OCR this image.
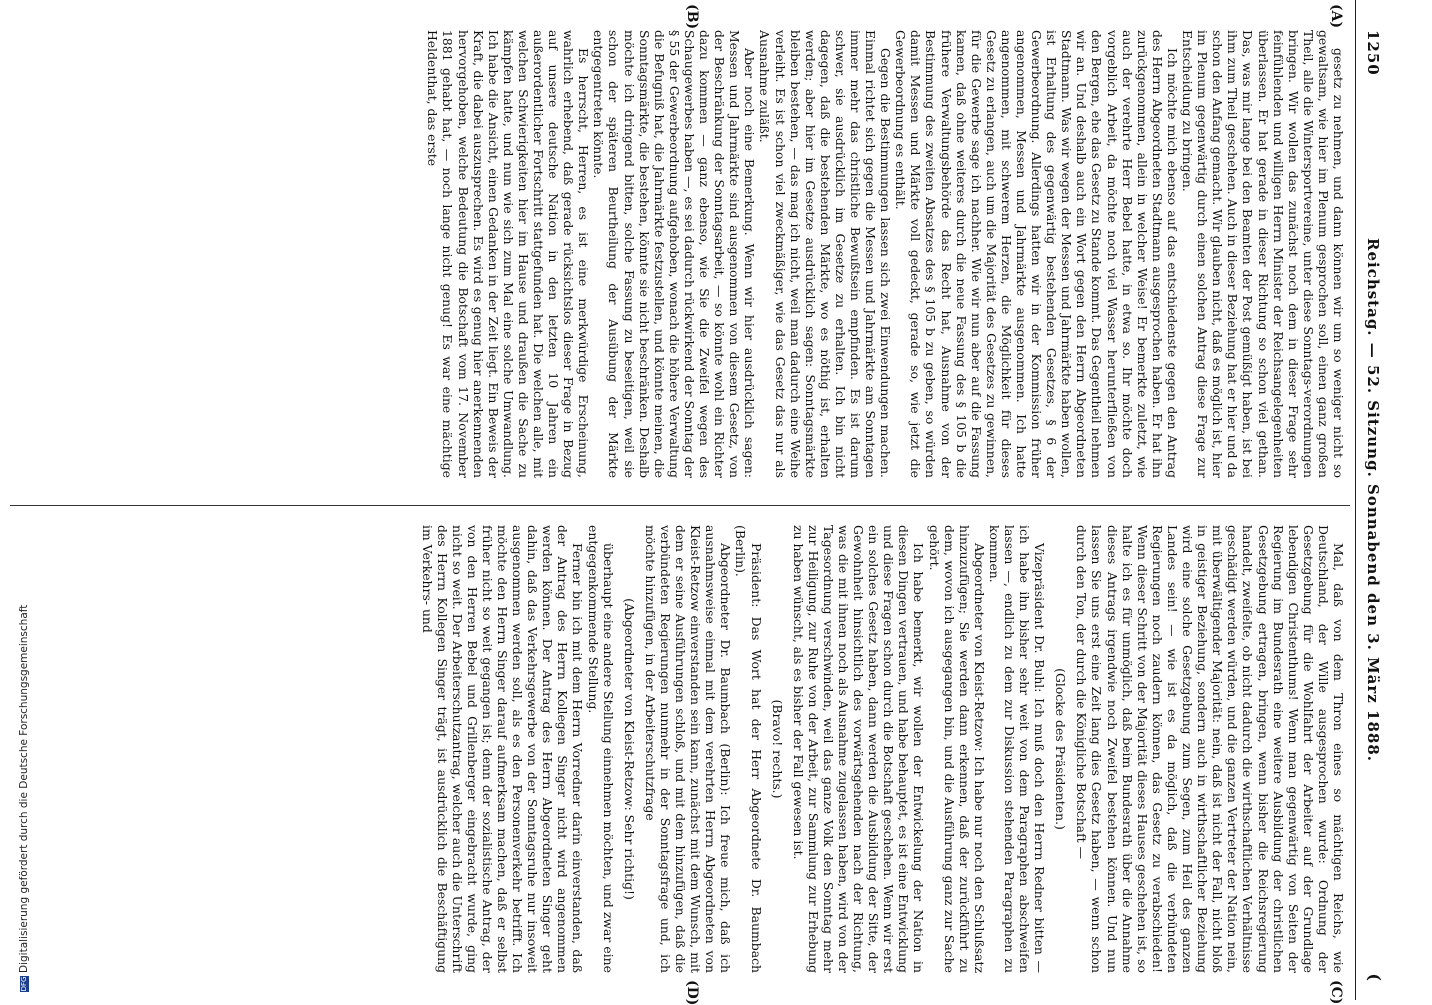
1250
Reichstag. — 52. Sitzung. Sonnabend den 3. März 1888.
(
(A)
(B)
(C)
(D)

gesetz zu nehmen, und dann können wir um so weniger nicht so gewaltsam, wie hier im Plenum gesprochen soll, einen ganz großen Theil, alle die Wintersportvereine, unter diese Sonntags-verordnungen bringen. Wir wollen das zunächst noch dem in dieser Frage sehr feinfühlenden und willigen Herrn Minister der Reichsangelegenheiten überlassen. Er hat gerade in dieser Richtung so schon viel gethan. Das, was mir lange bei den Beamten der Post gemüßigt haben, ist bei ihm zum Theil geschehen. Auch in dieser Beziehung hat er hier und da schon den Anfang gemacht. Wir glauben nicht, daß es möglich ist, hier im Plenum gegenwärtig durch einen solchen Antrag diese Frage zur Entscheidung zu bringen.

Ich möchte mich ebenso auf das entschiedenste gegen den Antrag des Herrn Abgeordneten Stadtmann ausgesprochen haben. Er hat ihn zurückgenommen, allein in welcher Weise! Er bemerkte zuletzt, wie auch der verehrte Herr Bebel hatte, in etwa so. Ihr möchte doch vorgeblich Arbeit, da möchte noch viel Wasser herunterfließen von den Bergen, ehe das Gesetz zu Stande kommt. Das Gegentheil nehmen wir an. Und deshalb auch ein Wort gegen den Herrn Abgeordneten Stadtmann. Was wir wegen der Messen und Jahrmärkte haben wollen, ist Erhaltung des gegenwärtig bestehenden Gesetzes, § 6 der Gewerbeordnung. Allerdings hatten wir in der Kommission früher angenommen, Messen und Jahrmärkte ausgenommen. Ich hatte angenommen, mit schwerem Herzen, die Möglichkeit für dieses Gesetz zu erlangen, auch um die Majorität des Gesetzes zu gewinnen, für die Gewerbe sage ich nachher. Wie wir nun aber auf die Fassung kamen, daß ohne weiteres durch die neue Fassung des § 105 b die frühere Verwaltungsbehörde das Recht hat, Ausnahme von der Bestimmung des zweiten Absatzes des § 105 b zu geben, so würden damit Messen und Märkte voll gedeckt, gerade so, wie jetzt die Gewerbeordnung es enthält.

Gegen die Bestimmungen lassen sich zwei Einwendungen machen. Einmal richtet sich gegen die Messen und Jahrmärkte am Sonntagen immer mehr das christliche Bewußtsein empfinden. Es ist darum schwer, sie ausdrücklich im Gesetze zu erhalten. Ich bin nicht dagegen, daß die bestehenden Märkte, wo es nöthig ist, erhalten werden; aber hier im Gesetze ausdrücklich sagen: Sonntagsmärkte bleiben bestehen, — das mag ich nicht, weil man dadurch eine Weihe verleiht. Es ist schon viel zweckmäßiger, wie das Gesetz das nur als Ausnahme zuläßt.

Aber noch eine Bemerkung. Wenn wir hier ausdrücklich sagen: Messen und Jahrmärkte sind ausgenommen von diesem Gesetz, von der Beschränkung der Sonntagsarbeit, — so könnte wohl ein Richter dazu kommen — ganz ebenso, wie Sie die Zweifel wegen des Schaugewerbes haben —, es sei dadurch rückwirkend der Sonntag der § 55 der Gewerbeordnung aufgehoben, wonach die höhere Verwaltung die Befugniß hat, die Jahrmärkte festzustellen, und könnte meinen, die Sonntagsmärkte, die bestehen, könnte sie nicht beschränken. Deshalb möchte ich dringend bitten, solche Fassung zu beseitigen, weil sie schon der späteren Beurtheilung der Ausübung der Märkte entgegentreten könnte.

Es herrscht, Herren, es ist eine merkwürdige Erscheinung, wahrlich erhebend, daß gerade rücksichtslos dieser Frage in Bezug auf unsere deutsche Nation in den letzten 10 Jahren ein außerordentlicher Fortschritt stattgefunden hat. Die welchen alle, mit welchen Schwierigkeiten hier im Hause und draußen die Sache zu kämpfen hatte, und nun wie sich zum Mal eine solche Umwandlung. Ich habe die Ansicht, einen Gedanken in der Zeit liegt. Ein Beweis der Kraft, die dabei auszusprechen. Es wird es genug hier anerkennenden hervorgehoben, welche Bedeutung die Botschaft vom 17. November 1881 gehabt hat, — noch lange nicht genug! Es war eine mächtige Heldenthat, das erste

Mal, daß von dem Thron eines so mächtigen Reichs, wie Deutschland, der Wille ausgesprochen wurde: Ordnung der Gesetzgebung für die Wohlfahrt der Arbeiter auf der Grundlage lebendigen Christenthums! Wenn man gegenwärtig von Seiten der Regierung im Bundesrath eine weitere Ausbildung der christlichen Gesetzgebung ertragen, bringen, wenn bisher die Reichsregierung handelt, zweifelte, ob nicht dadurch die wirthschaftlichen Verhältnisse geschädigt werden würden, und die ganzen Vertreter der Nation nein, mit überwältigender Majorität: nein, daß ist nicht der Fall, nicht bloß in geistiger Beziehung, sondern auch in wirthschaftlicher Beziehung wird eine solche Gesetzgebung zum Segen, zum Heil des ganzen Landes sein! — wie ist es da möglich, daß die verbündeten Regierungen noch zaudern können, das Gesetz zu verabschieden! Wenn dieser Schritt von der Majorität dieses Hauses geschehen ist, so halte ich es für unmöglich, daß beim Bundesrath über die Annahme dieses Antrags irgendwie noch Zweifel bestehen können. Und nun lassen Sie uns erst eine Zeit lang dies Gesetz haben, — wenn schon durch den Ton, der durch die Königliche Botschaft —

(Glocke des Präsidenten.)

Vizepräsident Dr. Buhl: Ich muß doch den Herrn Redner bitten — ich habe ihn bisher sehr weit von dem Paragraphen abschweifen lassen —, endlich zu dem zur Diskussion stehenden Paragraphen zu kommen.

Abgeordneter von Kleist-Retzow: Ich habe nur noch den Schlußsatz hinzuzufügen; Sie werden dann erkennen, daß der zurückführt zu dem, wovon ich ausgegangen bin, und die Ausführung ganz zur Sache gehört.

Ich habe bemerkt, wir wollen der Entwickelung der Nation in diesen Dingen vertrauen, und habe behauptet, es ist eine Entwicklung und diese Fragen schon durch die Botschaft geschehen. Wenn wir erst ein solches Gesetz haben, dann werden die Ausbildung der Sitte, der Gewohnheit hinsichtlich des vorwärtsgehenden nach der Richtung, was die mit ihnen noch als Ausnahme zugelassen haben, wird von der Tagesordnung verschwinden, weil das ganze Volk den Sonntag mehr zur Heiligung, zur Ruhe von der Arbeit, zur Sammlung zur Erhebung zu haben wünscht, als es bisher der Fall gewesen ist.

(Bravo! rechts.)

Präsident: Das Wort hat der Herr Abgeordnete Dr. Baumbach (Berlin).

Abgeordneter Dr. Baumbach (Berlin): Ich freue mich, daß ich ausnahmsweise einmal mit dem verehrten Herrn Abgeordneten von Kleist-Retzow einverstanden sein kann, zunächst mit dem Wunsch, mit dem er seine Ausführungen schloß, und mit dem hinzufügen, daß die verbündeten Regierungen nunmehr in der Sonntagsfrage und, ich möchte hinzufügen, in der Arbeiterschutzfrage

(Abgeordneter von Kleist-Retzow: Sehr richtig!)

überhaupt eine andere Stellung einnehmen möchten, und zwar eine entgegenkommende Stellung.

Ferner bin ich mit dem Herrn Vorredner darin einverstanden, daß der Antrag des Herrn Kollegen Singer nicht wird angenommen werden können. Der Antrag des Herrn Abgeordneten Singer geht dahin, daß das Verkehrsgewerbe von der Sonntagsruhe nur insoweit ausgenommen werden soll, als es den Personenverkehr betrifft. Ich möchte den Herrn Singer darauf aufmerksam machen, daß er selbst früher nicht so weit gegangen ist; denn der sozialistische Antrag, der von den Herren Bebel und Grillenberger eingebracht wurde, ging nicht so weit. Der Arbeiterschutzantrag, welcher auch die Unterschrift des Herrn Kollegen Singer trägt, ist ausdrücklich die Beschäftigung im Verkehrs- und

DFGDigitalisierung gefördert durch die Deutsche Forschungsgemeinschaft
